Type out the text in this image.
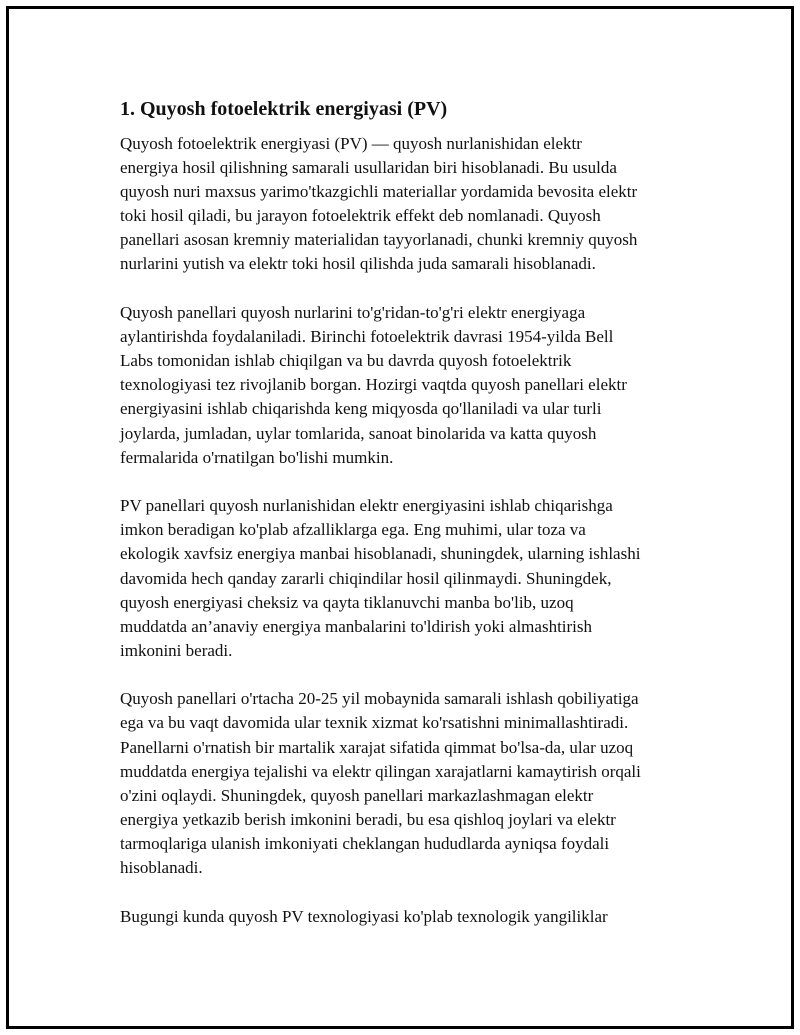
1. Quyosh fotoelektrik energiyasi (PV)

Quyosh fotoelektrik energiyasi (PV) — quyosh nurlanishidan elektr
energiya hosil qilishning samarali usullaridan biri hisoblanadi. Bu usulda
quyosh nuri maxsus yarimo'tkazgichli materiallar yordamida bevosita elektr
toki hosil qiladi, bu jarayon fotoelektrik effekt deb nomlanadi. Quyosh
panellari asosan kremniy materialidan tayyorlanadi, chunki kremniy quyosh
nurlarini yutish va elektr toki hosil qilishda juda samarali hisoblanadi.

Quyosh panellari quyosh nurlarini to'g'ridan-to'g'ri elektr energiyaga
aylantirishda foydalaniladi. Birinchi fotoelektrik davrasi 1954-yilda Bell
Labs tomonidan ishlab chiqilgan va bu davrda quyosh fotoelektrik
texnologiyasi tez rivojlanib borgan. Hozirgi vaqtda quyosh panellari elektr
energiyasini ishlab chiqarishda keng miqyosda qo'llaniladi va ular turli
joylarda, jumladan, uylar tomlarida, sanoat binolarida va katta quyosh
fermalarida o'rnatilgan bo'lishi mumkin.

PV panellari quyosh nurlanishidan elektr energiyasini ishlab chiqarishga
imkon beradigan ko'plab afzalliklarga ega. Eng muhimi, ular toza va
ekologik xavfsiz energiya manbai hisoblanadi, shuningdek, ularning ishlashi
davomida hech qanday zararli chiqindilar hosil qilinmaydi. Shuningdek,
quyosh energiyasi cheksiz va qayta tiklanuvchi manba bo'lib, uzoq
muddatda an’anaviy energiya manbalarini to'ldirish yoki almashtirish
imkonini beradi.

Quyosh panellari o'rtacha 20-25 yil mobaynida samarali ishlash qobiliyatiga
ega va bu vaqt davomida ular texnik xizmat ko'rsatishni minimallashtiradi.
Panellarni o'rnatish bir martalik xarajat sifatida qimmat bo'lsa-da, ular uzoq
muddatda energiya tejalishi va elektr qilingan xarajatlarni kamaytirish orqali
o'zini oqlaydi. Shuningdek, quyosh panellari markazlashmagan elektr
energiya yetkazib berish imkonini beradi, bu esa qishloq joylari va elektr
tarmoqlariga ulanish imkoniyati cheklangan hududlarda ayniqsa foydali
hisoblanadi.

Bugungi kunda quyosh PV texnologiyasi ko'plab texnologik yangiliklar
